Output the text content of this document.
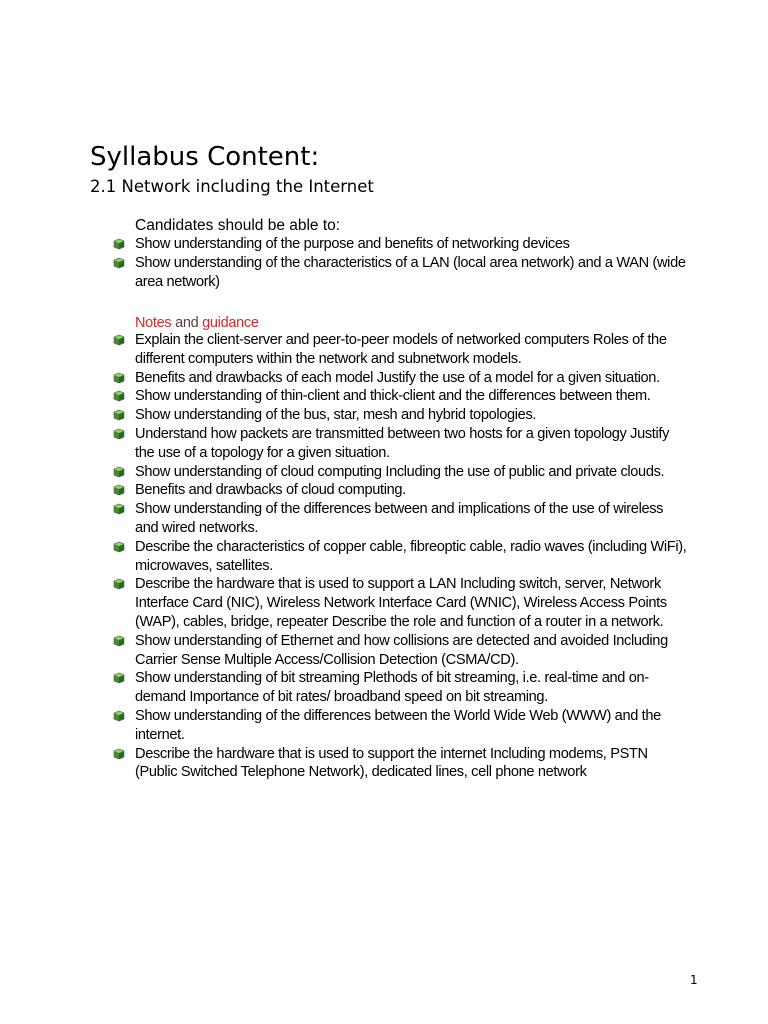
Syllabus Content:
2.1 Network including the Internet
Candidates should be able to:
Show understanding of the purpose and benefits of networking devices
Show understanding of the characteristics of a LAN (local area network) and a WAN (wide area network)
Notes and guidance
Explain the client-server and peer-to-peer models of networked computers Roles of the different computers within the network and subnetwork models.
Benefits and drawbacks of each model Justify the use of a model for a given situation.
Show understanding of thin-client and thick-client and the differences between them.
Show understanding of the bus, star, mesh and hybrid topologies.
Understand how packets are transmitted between two hosts for a given topology Justify the use of a topology for a given situation.
Show understanding of cloud computing Including the use of public and private clouds.
Benefits and drawbacks of cloud computing.
Show understanding of the differences between and implications of the use of wireless and wired networks.
Describe the characteristics of copper cable, fibreoptic cable, radio waves (including WiFi), microwaves, satellites.
Describe the hardware that is used to support a LAN Including switch, server, Network Interface Card (NIC), Wireless Network Interface Card (WNIC), Wireless Access Points (WAP), cables, bridge, repeater Describe the role and function of a router in a network.
Show understanding of Ethernet and how collisions are detected and avoided Including Carrier Sense Multiple Access/Collision Detection (CSMA/CD).
Show understanding of bit streaming Plethods of bit streaming, i.e. real-time and on-demand Importance of bit rates/ broadband speed on bit streaming.
Show understanding of the differences between the World Wide Web (WWW) and the internet.
Describe the hardware that is used to support the internet Including modems, PSTN (Public Switched Telephone Network), dedicated lines, cell phone network
1
